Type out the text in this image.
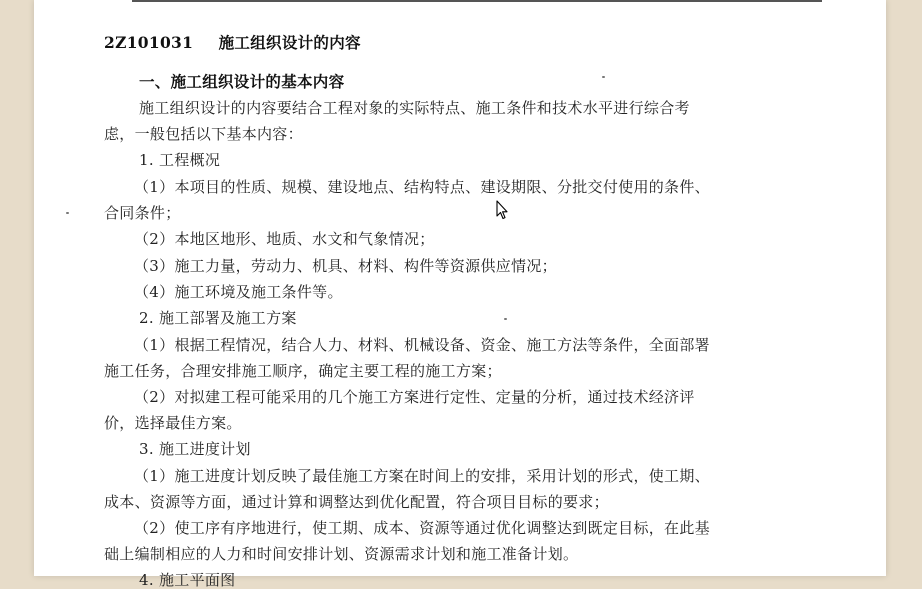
2Z101031 施工组织设计的内容
一、施工组织设计的基本内容
施工组织设计的内容要结合工程对象的实际特点、施工条件和技术水平进行综合考
虑，一般包括以下基本内容：
1. 工程概况
（1）本项目的性质、规模、建设地点、结构特点、建设期限、分批交付使用的条件、
合同条件；
（2）本地区地形、地质、水文和气象情况；
（3）施工力量，劳动力、机具、材料、构件等资源供应情况；
（4）施工环境及施工条件等。
2. 施工部署及施工方案
（1）根据工程情况，结合人力、材料、机械设备、资金、施工方法等条件，全面部署
施工任务，合理安排施工顺序，确定主要工程的施工方案；
（2）对拟建工程可能采用的几个施工方案进行定性、定量的分析，通过技术经济评
价，选择最佳方案。
3. 施工进度计划
（1）施工进度计划反映了最佳施工方案在时间上的安排，采用计划的形式，使工期、
成本、资源等方面，通过计算和调整达到优化配置，符合项目目标的要求；
（2）使工序有序地进行，使工期、成本、资源等通过优化调整达到既定目标，在此基
础上编制相应的人力和时间安排计划、资源需求计划和施工准备计划。
4. 施工平面图
